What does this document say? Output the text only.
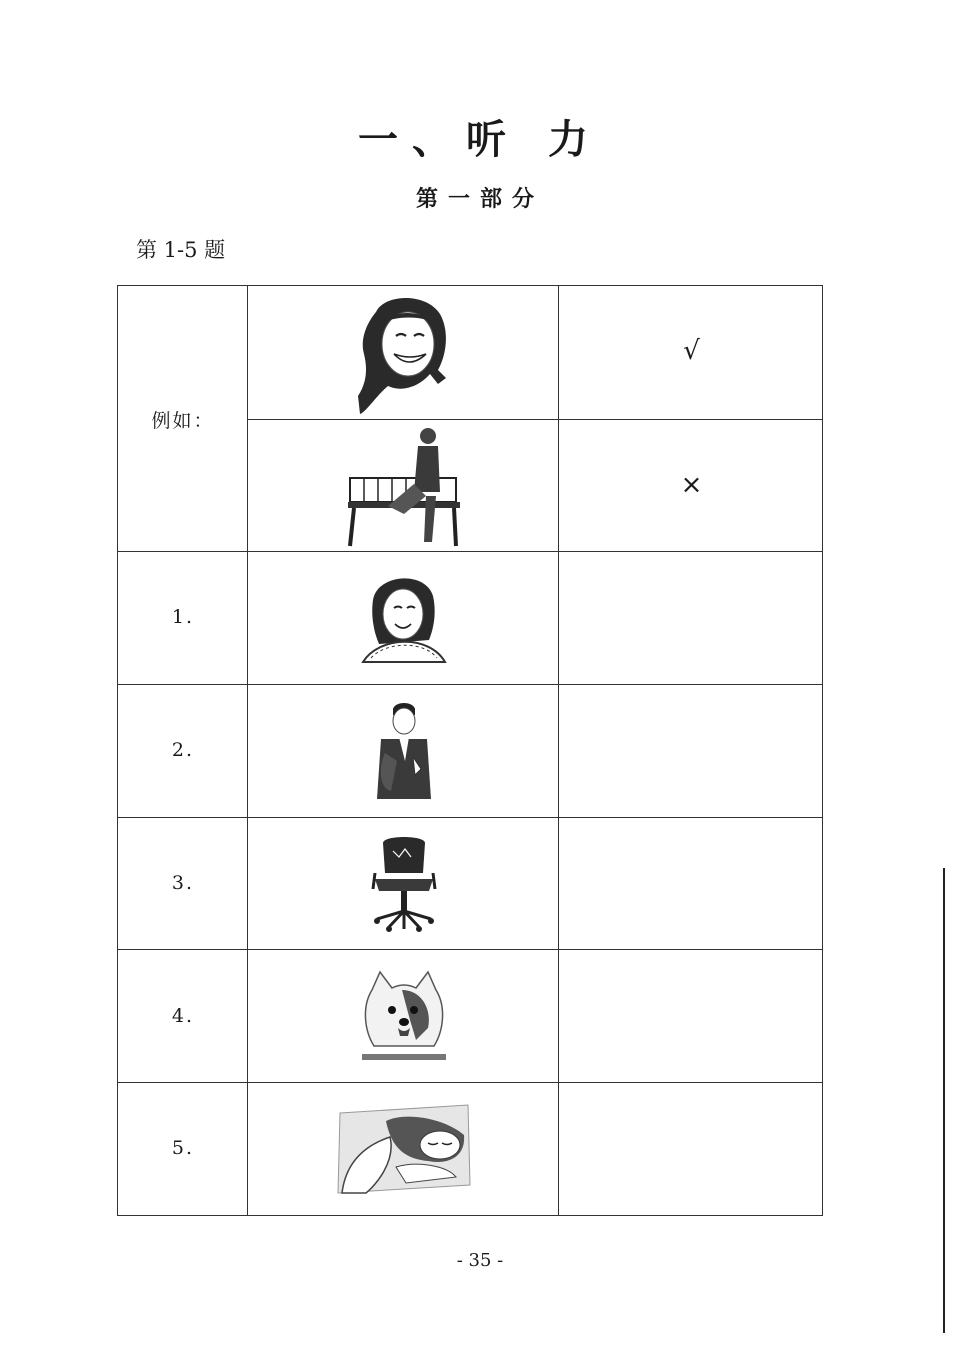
一、听 力
第一部分
第 1-5 题
例如：
√
×
1.
2.
3.
4.
5.
- 35 -
